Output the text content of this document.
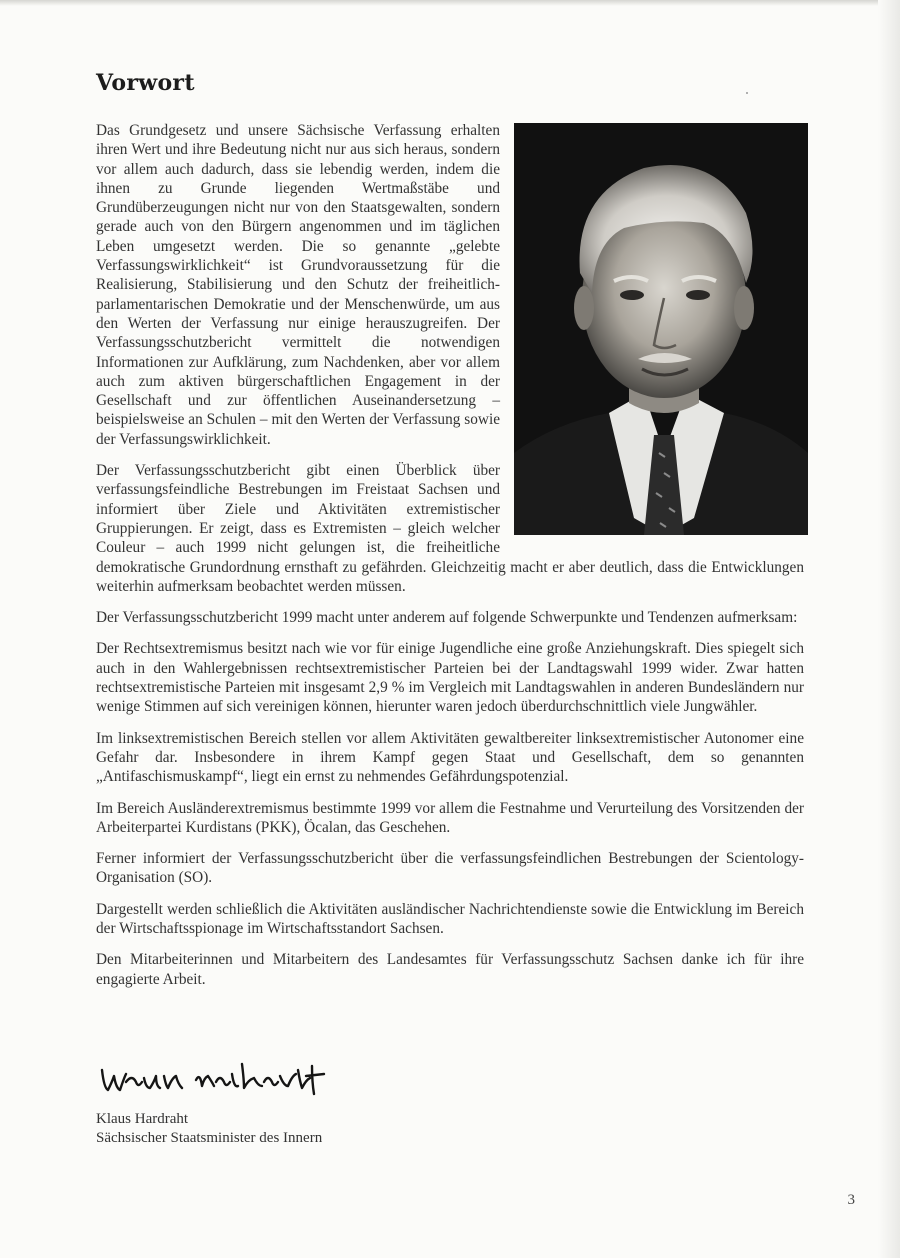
Vorwort

Das Grundgesetz und unsere Sächsische Verfassung erhalten ihren Wert und ihre Bedeutung nicht nur aus sich heraus, sondern vor allem auch dadurch, dass sie lebendig werden, indem die ihnen zu Grunde liegenden Wertmaßstäbe und Grundüberzeugungen nicht nur von den Staatsgewalten, sondern gerade auch von den Bürgern angenommen und im täglichen Leben umgesetzt werden. Die so genannte „gelebte Verfassungswirklichkeit“ ist Grundvoraussetzung für die Realisierung, Stabilisierung und den Schutz der freiheitlich-parlamentarischen Demokratie und der Menschenwürde, um aus den Werten der Verfassung nur einige herauszugreifen. Der Verfassungsschutzbericht vermittelt die notwendigen Informationen zur Aufklärung, zum Nachdenken, aber vor allem auch zum aktiven bürgerschaftlichen Engagement in der Gesellschaft und zur öffentlichen Auseinandersetzung – beispielsweise an Schulen – mit den Werten der Verfassung sowie der Verfassungswirklichkeit.

Der Verfassungsschutzbericht gibt einen Überblick über verfassungsfeindliche Bestrebungen im Freistaat Sachsen und informiert über Ziele und Aktivitäten extremistischer Gruppierungen. Er zeigt, dass es Extremisten – gleich welcher Couleur – auch 1999 nicht gelungen ist, die freiheitliche demokratische Grundordnung ernsthaft zu gefährden. Gleichzeitig macht er aber deutlich, dass die Entwicklungen weiterhin aufmerksam beobachtet werden müssen.

Der Verfassungsschutzbericht 1999 macht unter anderem auf folgende Schwerpunkte und Tendenzen aufmerksam:

Der Rechtsextremismus besitzt nach wie vor für einige Jugendliche eine große Anziehungskraft. Dies spiegelt sich auch in den Wahlergebnissen rechtsextremistischer Parteien bei der Landtagswahl 1999 wider. Zwar hatten rechtsextremistische Parteien mit insgesamt 2,9 % im Vergleich mit Landtagswahlen in anderen Bundesländern nur wenige Stimmen auf sich vereinigen können, hierunter waren jedoch überdurchschnittlich viele Jungwähler.

Im linksextremistischen Bereich stellen vor allem Aktivitäten gewaltbereiter linksextremistischer Autonomer eine Gefahr dar. Insbesondere in ihrem Kampf gegen Staat und Gesellschaft, dem so genannten „Antifaschismuskampf“, liegt ein ernst zu nehmendes Gefährdungspotenzial.

Im Bereich Ausländerextremismus bestimmte 1999 vor allem die Festnahme und Verurteilung des Vorsitzenden der Arbeiterpartei Kurdistans (PKK), Öcalan, das Geschehen.

Ferner informiert der Verfassungsschutzbericht über die verfassungsfeindlichen Bestrebungen der Scientology-Organisation (SO).

Dargestellt werden schließlich die Aktivitäten ausländischer Nachrichtendienste sowie die Entwicklung im Bereich der Wirtschaftsspionage im Wirtschaftsstandort Sachsen.

Den Mitarbeiterinnen und Mitarbeitern des Landesamtes für Verfassungsschutz Sachsen danke ich für ihre engagierte Arbeit.

Klaus Hardraht
Sächsischer Staatsminister des Innern
3
